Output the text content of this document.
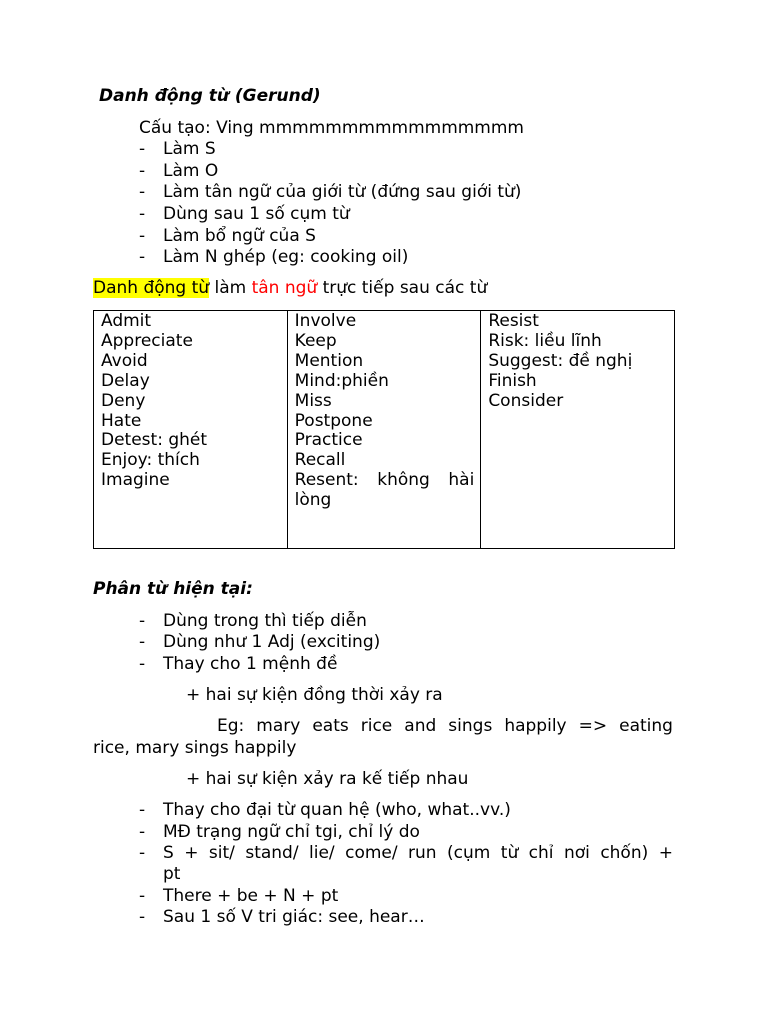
Danh động từ (Gerund)
Cấu tạo: Ving mmmmmmmmmmmmmmmm
- Làm S
- Làm O
- Làm tân ngữ của giới từ (đứng sau giới từ)
- Dùng sau 1 số cụm từ
- Làm bổ ngữ của S
- Làm N ghép (eg: cooking oil)
Danh động từ làm tân ngữ trực tiếp sau các từ
Admit
Appreciate
Avoid
Delay
Deny
Hate
Detest: ghét
Enjoy: thích
Imagine

Involve
Keep
Mention
Mind:phiền
Miss
Postpone
Practice
Recall
Resent: không hài
lòng

Resist
Risk: liều lĩnh
Suggest: đề nghị
Finish
Consider
Phân từ hiện tại:
- Dùng trong thì tiếp diễn
- Dùng như 1 Adj (exciting)
- Thay cho 1 mệnh đề
+ hai sự kiện đồng thời xảy ra
Eg: mary eats rice and sings happily => eating
rice, mary sings happily
+ hai sự kiện xảy ra kế tiếp nhau
- Thay cho đại từ quan hệ (who, what..vv.)
- MĐ trạng ngữ chỉ tgi, chỉ lý do
- S + sit/ stand/ lie/ come/ run (cụm từ chỉ nơi chốn) +
pt
- There + be + N + pt
- Sau 1 số V tri giác: see, hear…
